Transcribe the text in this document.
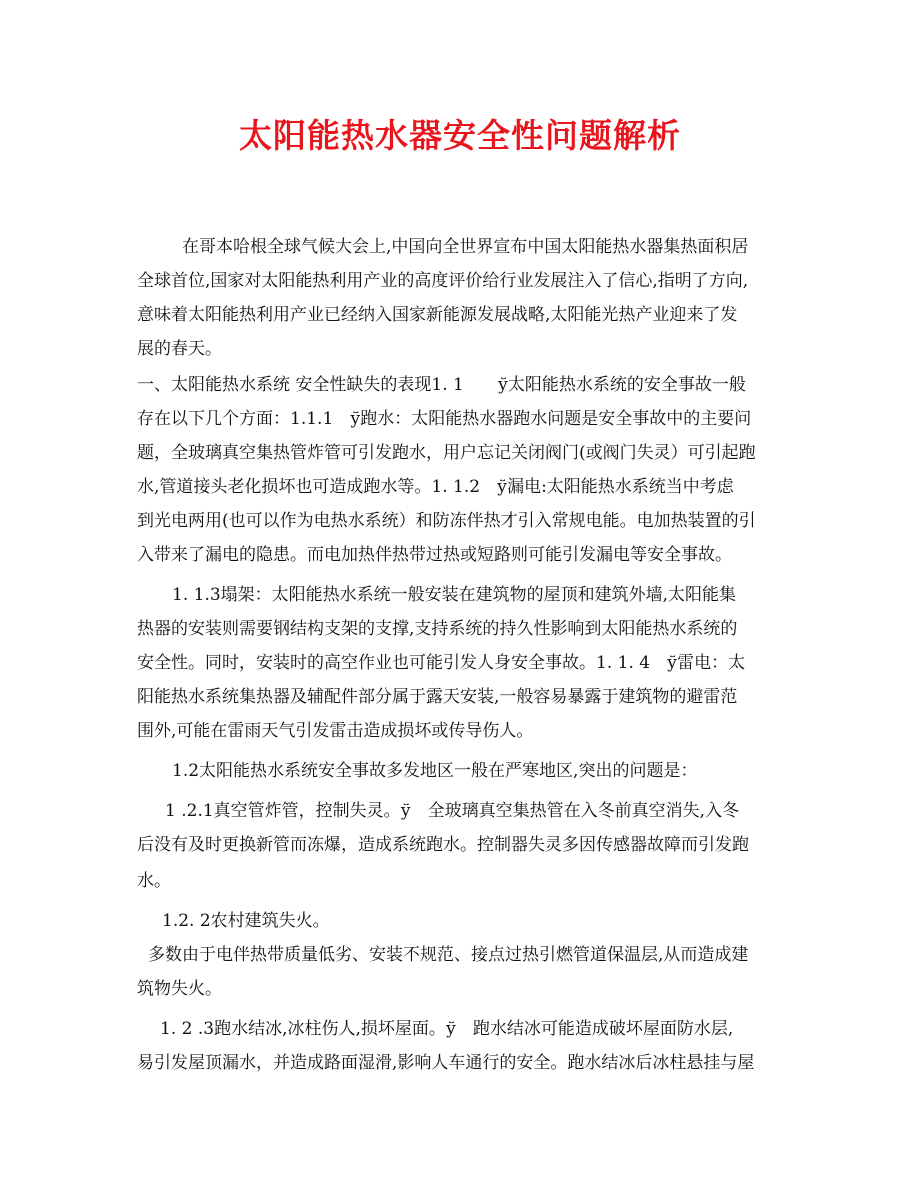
太阳能热水器安全性问题解析
在哥本哈根全球气候大会上,中国向全世界宣布中国太阳能热水器集热面积居
全球首位,国家对太阳能热利用产业的高度评价给行业发展注入了信心,指明了方向,
意味着太阳能热利用产业已经纳入国家新能源发展战略,太阳能光热产业迎来了发
展的春天。
一、太阳能热水系统 安全性缺失的表现1. 1　　ў太阳能热水系统的安全事故一般
存在以下几个方面：1.1.1　ў跑水：太阳能热水器跑水问题是安全事故中的主要问
题，全玻璃真空集热管炸管可引发跑水，用户忘记关闭阀门(或阀门失灵）可引起跑
水,管道接头老化损坏也可造成跑水等。1. 1.2　ў漏电:太阳能热水系统当中考虑
到光电两用(也可以作为电热水系统）和防冻伴热才引入常规电能。电加热装置的引
入带来了漏电的隐患。而电加热伴热带过热或短路则可能引发漏电等安全事故。
1. 1.3塌架：太阳能热水系统一般安装在建筑物的屋顶和建筑外墙,太阳能集
热器的安装则需要钢结构支架的支撑,支持系统的持久性影响到太阳能热水系统的
安全性。同时，安装时的高空作业也可能引发人身安全事故。1. 1. 4　ў雷电：太
阳能热水系统集热器及辅配件部分属于露天安装,一般容易暴露于建筑物的避雷范
围外,可能在雷雨天气引发雷击造成损坏或传导伤人。
1.2太阳能热水系统安全事故多发地区一般在严寒地区,突出的问题是：
1 .2.1真空管炸管，控制失灵。ў　全玻璃真空集热管在入冬前真空消失,入冬
后没有及时更换新管而冻爆，造成系统跑水。控制器失灵多因传感器故障而引发跑
水。
1.2. 2农村建筑失火。
多数由于电伴热带质量低劣、安装不规范、接点过热引燃管道保温层,从而造成建
筑物失火。
1. 2 .3跑水结冰,冰柱伤人,损坏屋面。ў　跑水结冰可能造成破坏屋面防水层,
易引发屋顶漏水，并造成路面湿滑,影响人车通行的安全。跑水结冰后冰柱悬挂与屋
